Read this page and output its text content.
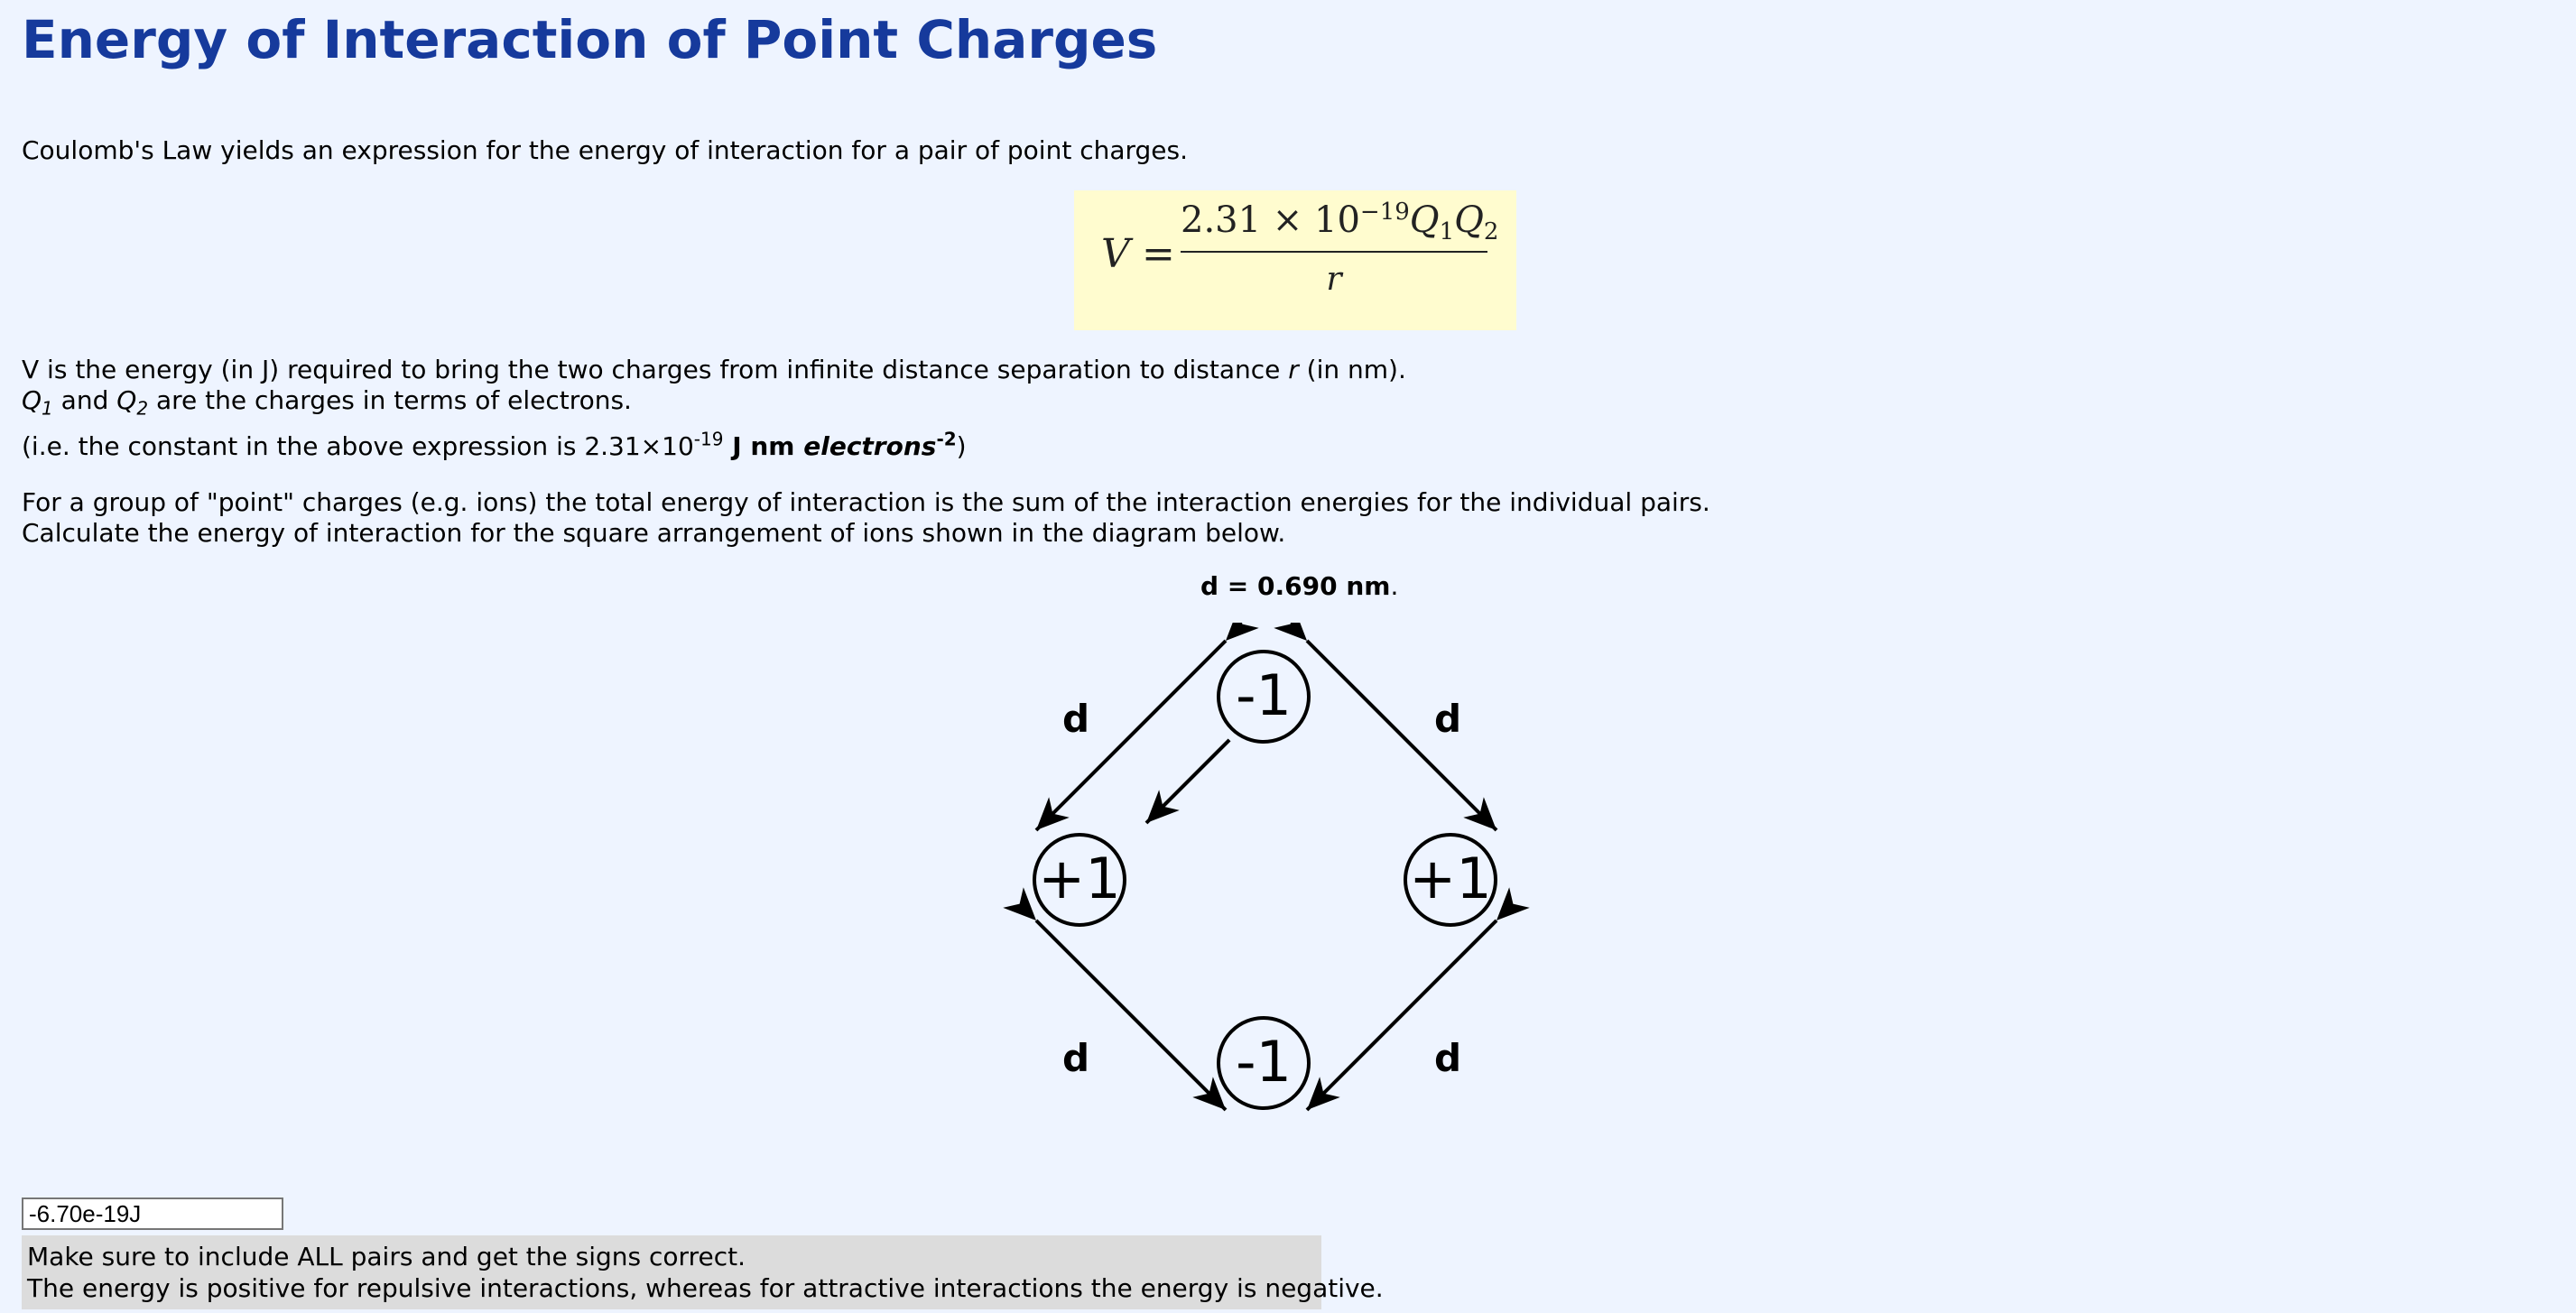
Energy of Interaction of Point Charges

Coulomb's Law yields an expression for the energy of interaction for a pair of point charges.

V =
$2.31 \times 10^{-19}Q_1Q_2$
r

V is the energy (in J) required to bring the two charges from infinite distance separation to distance r (in nm).

$Q_1$ and $Q_2$ are the charges in terms of electrons.

(i.e. the constant in the above expression is $2.31\times 10^{-19}$ J nm electrons$^{-2}$)

For a group of "point" charges (e.g. ions) the total energy of interaction is the sum of the interaction energies for the individual pairs.

Calculate the energy of interaction for the square arrangement of ions shown in the diagram below.

d = 0.690 nm.
-1
+1	+1
-1
d	d
d	d
-6.70e-19J
Make sure to include ALL pairs and get the signs correct.
The energy is positive for repulsive interactions, whereas for attractive interactions the energy is negative.
